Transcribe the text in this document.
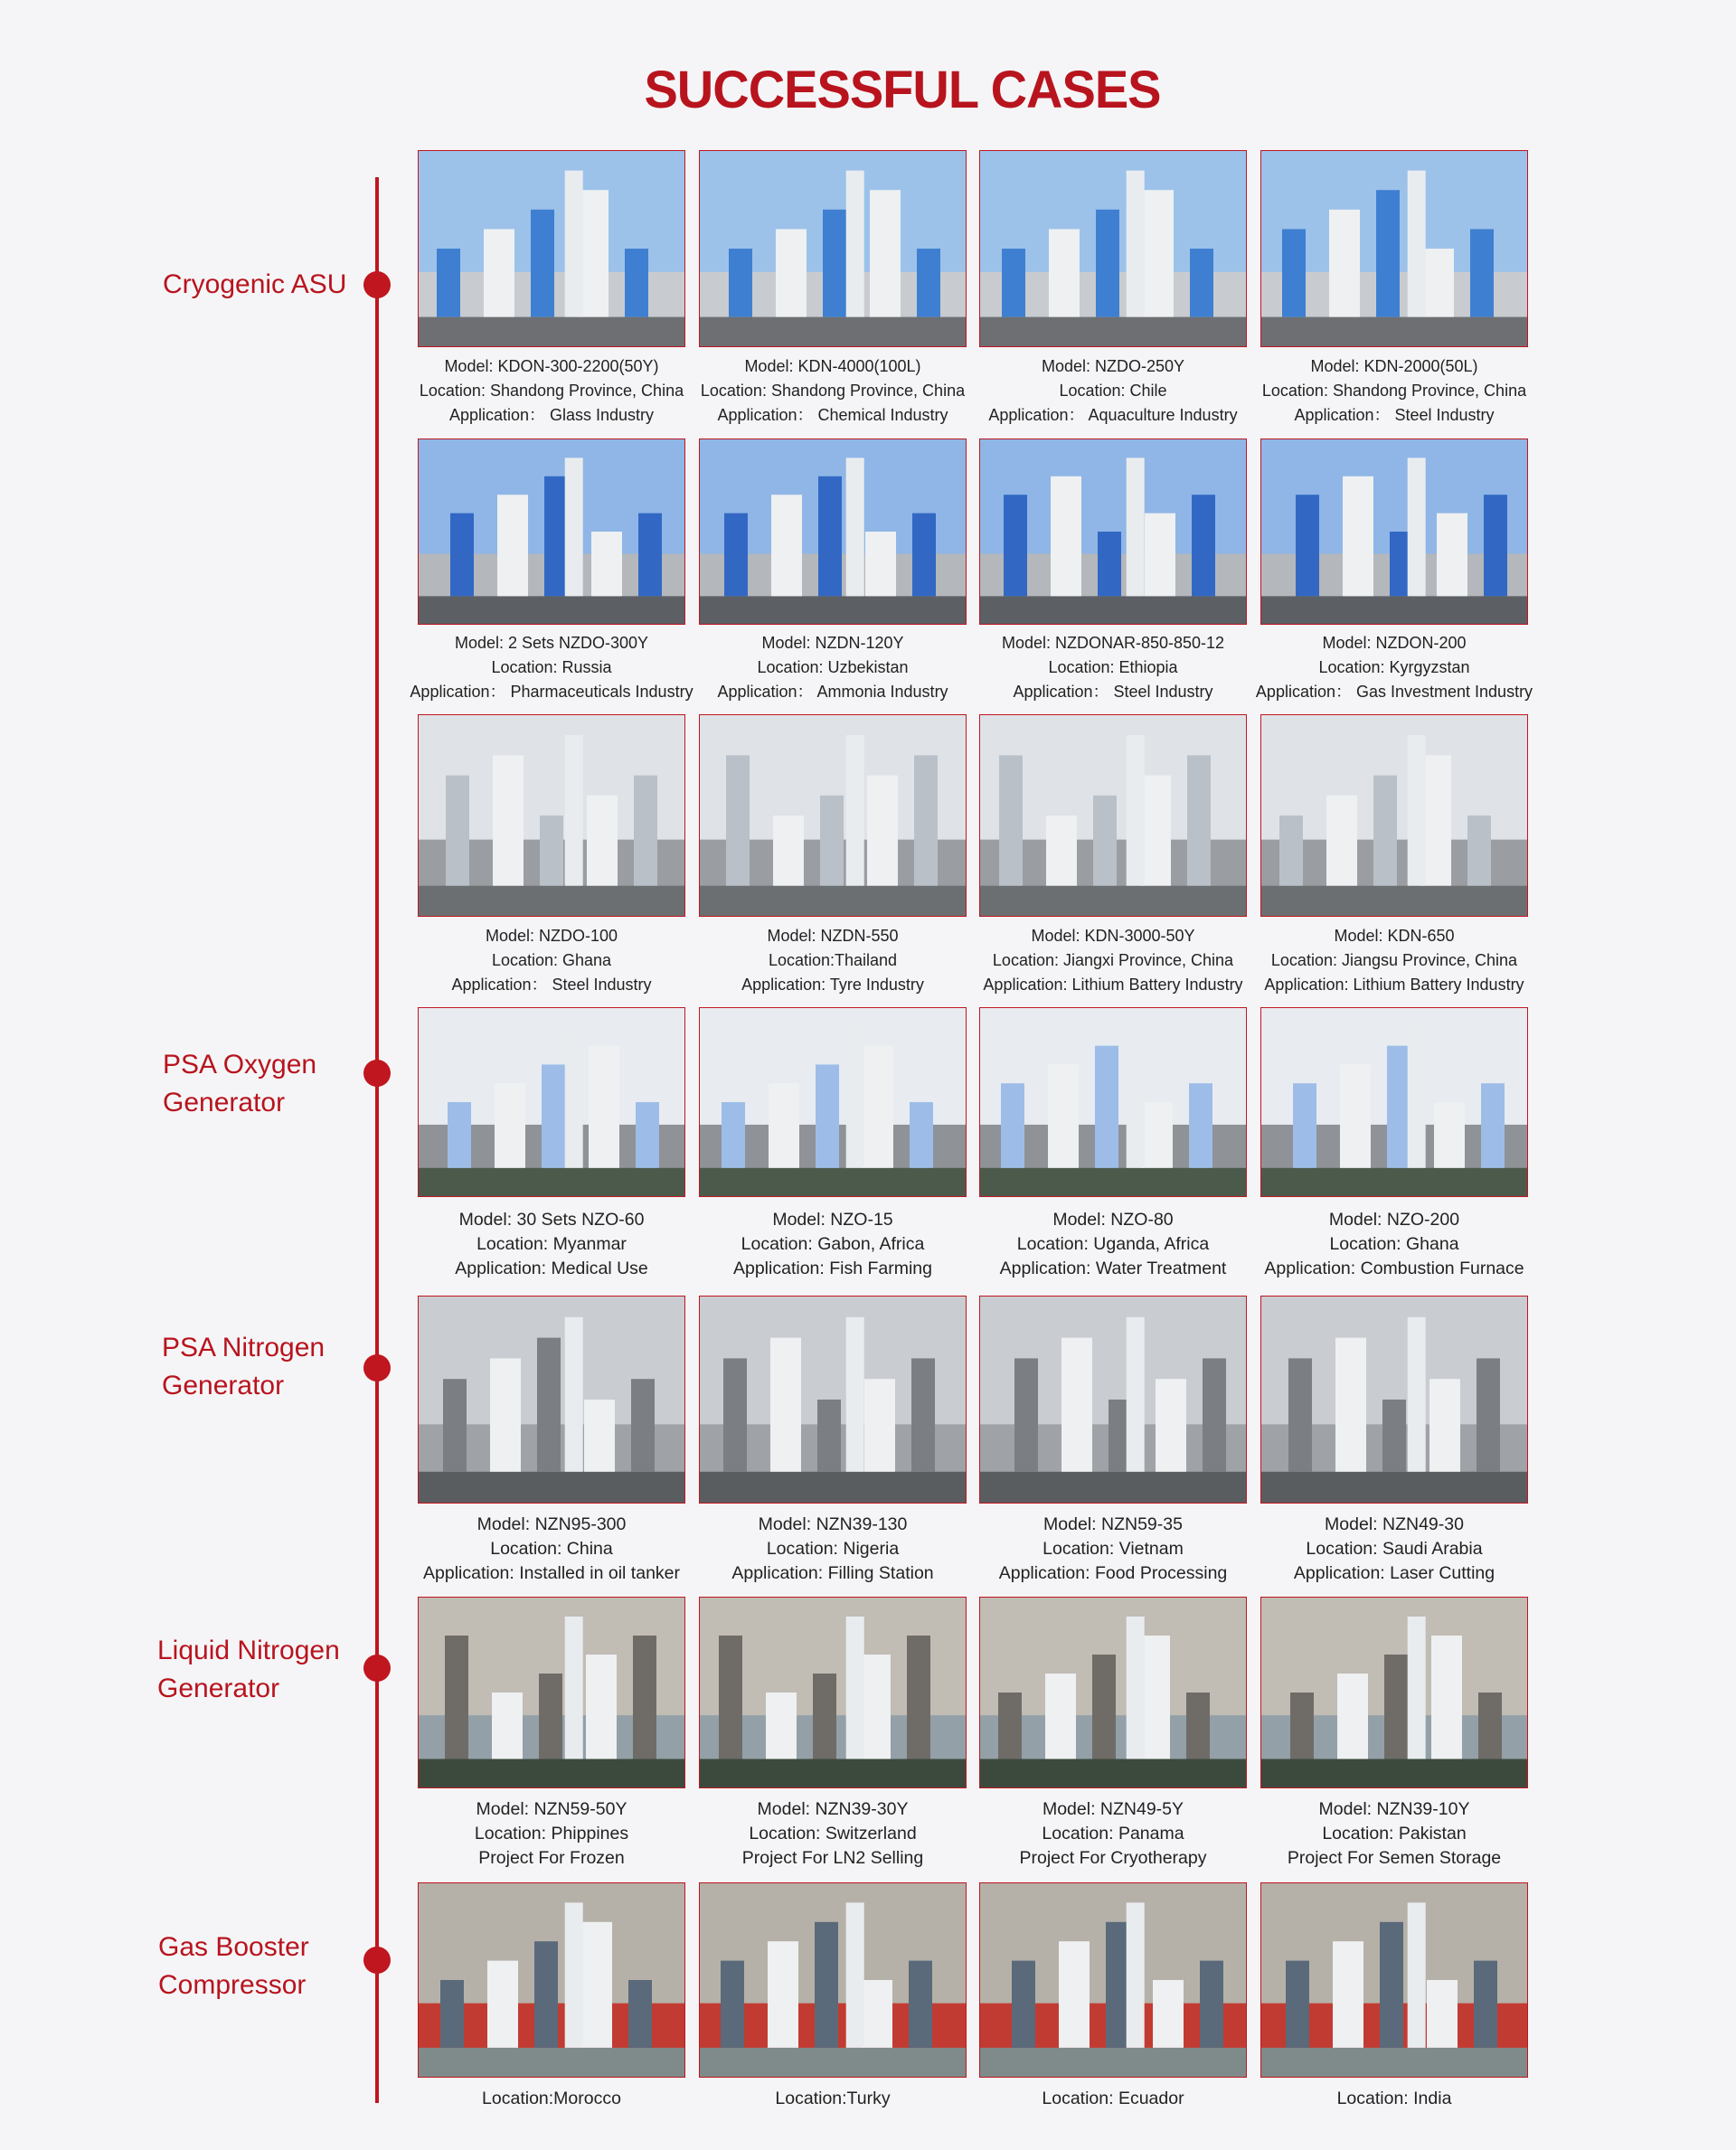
SUCCESSFUL CASES
Cryogenic ASU
PSA Oxygen
Generator
PSA Nitrogen
Generator
Liquid Nitrogen
Generator
Gas Booster
Compressor
Model: KDON-300-2200(50Y)
Location: Shandong Province, China
Application： Glass Industry
Model: KDN-4000(100L)
Location: Shandong Province, China
Application： Chemical Industry
Model: NZDO-250Y
Location: Chile
Application： Aquaculture Industry
Model: KDN-2000(50L)
Location: Shandong Province, China
Application： Steel Industry
Model: 2 Sets NZDO-300Y
Location: Russia
Application： Pharmaceuticals Industry
Model: NZDN-120Y
Location: Uzbekistan
Application： Ammonia Industry
Model: NZDONAR-850-850-12
Location: Ethiopia
Application： Steel Industry
Model: NZDON-200
Location: Kyrgyzstan
Application： Gas Investment Industry
Model: NZDO-100
Location: Ghana
Application： Steel Industry
Model: NZDN-550
Location:Thailand
Application: Tyre Industry
Model: KDN-3000-50Y
Location: Jiangxi Province, China
Application: Lithium Battery Industry
Model: KDN-650
Location: Jiangsu Province, China
Application: Lithium Battery Industry
Model: 30 Sets NZO-60
Location: Myanmar
Application: Medical Use
Model: NZO-15
Location: Gabon, Africa
Application: Fish Farming
Model: NZO-80
Location: Uganda, Africa
Application: Water Treatment
Model: NZO-200
Location: Ghana
Application: Combustion Furnace
Model: NZN95-300
Location: China
Application: Installed in oil tanker
Model: NZN39-130
Location: Nigeria
Application: Filling Station
Model: NZN59-35
Location: Vietnam
Application: Food Processing
Model: NZN49-30
Location: Saudi Arabia
Application: Laser Cutting
Model: NZN59-50Y
Location: Phippines
Project For Frozen
Model: NZN39-30Y
Location: Switzerland
Project For LN2 Selling
Model: NZN49-5Y
Location: Panama
Project For Cryotherapy
Model: NZN39-10Y
Location: Pakistan
Project For Semen Storage
Location:Morocco	Location:Turky	Location: Ecuador	Location: India
